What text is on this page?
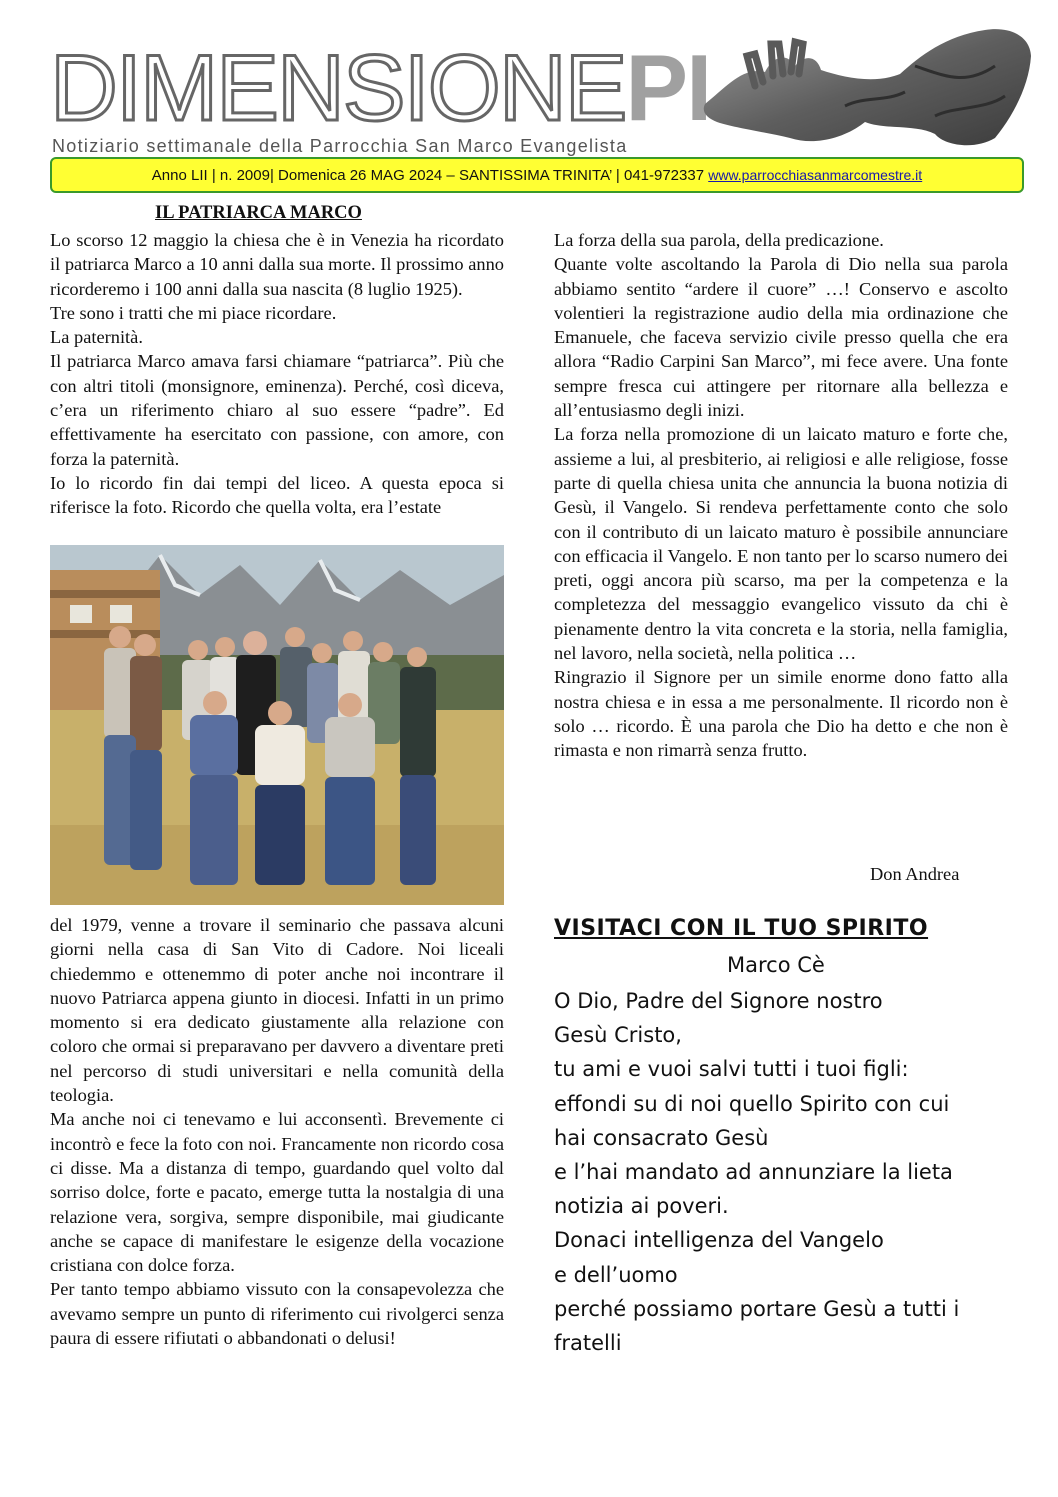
DIMENSIONEPI
Notiziario settimanale della Parrocchia San Marco Evangelista
Anno LII | n. 2009| Domenica 26 MAG 2024 – SANTISSIMA TRINITA’ | 041-972337 www.parrocchiasanmarcomestre.it
IL PATRIARCA MARCO

Lo scorso 12 maggio la chiesa che è in Venezia ha ricordato il patriarca Marco a 10 anni dalla sua morte. Il prossimo anno ricorderemo i 100 anni dalla sua nascita (8 luglio 1925).

Tre sono i tratti che mi piace ricordare.

La paternità.

Il patriarca Marco amava farsi chiamare “patriarca”. Più che con altri titoli (monsignore, eminenza). Perché, così diceva, c’era un riferimento chiaro al suo essere “padre”. Ed effettivamente ha esercitato con passione, con amore, con forza la paternità.

Io lo ricordo fin dai tempi del liceo. A questa epoca si riferisce la foto. Ricordo che quella volta, era l’estate

del 1979, venne a trovare il seminario che passava alcuni giorni nella casa di San Vito di Cadore. Noi liceali chiedemmo e ottenemmo di poter anche noi incontrare il nuovo Patriarca appena giunto in diocesi. Infatti in un primo momento si era dedicato giustamente alla relazione con coloro che ormai si preparavano per davvero a diventare preti nel percorso di studi universitari e nella comunità della teologia.

Ma anche noi ci tenevamo e lui acconsentì. Brevemente ci incontrò e fece la foto con noi. Francamente non ricordo cosa ci disse. Ma a distanza di tempo, guardando quel volto dal sorriso dolce, forte e pacato, emerge tutta la nostalgia di una relazione vera, sorgiva, sempre disponibile, mai giudicante anche se capace di manifestare le esigenze della vocazione cristiana con dolce forza.

Per tanto tempo abbiamo vissuto con la consapevolezza che avevamo sempre un punto di riferimento cui rivolgerci senza paura di essere rifiutati o abbandonati o delusi!

La forza della sua parola, della predicazione.

Quante volte ascoltando la Parola di Dio nella sua parola abbiamo sentito “ardere il cuore” …! Conservo e ascolto volentieri la registrazione audio della mia ordinazione che Emanuele, che faceva servizio civile presso quella che era allora “Radio Carpini San Marco”, mi fece avere. Una fonte sempre fresca cui attingere per ritornare alla bellezza e all’entusiasmo degli inizi.

La forza nella promozione di un laicato maturo e forte che, assieme a lui, al presbiterio, ai religiosi e alle religiose, fosse parte di quella chiesa unita che annuncia la buona notizia di Gesù, il Vangelo. Si rendeva perfettamente conto che solo con il contributo di un laicato maturo è possibile annunciare con efficacia il Vangelo. E non tanto per lo scarso numero dei preti, oggi ancora più scarso, ma per la competenza e la completezza del messaggio evangelico vissuto da chi è pienamente dentro la vita concreta e la storia, nella famiglia, nel lavoro, nella società, nella politica …

Ringrazio il Signore per un simile enorme dono fatto alla nostra chiesa e in essa a me personalmente. Il ricordo non è solo … ricordo. È una parola che Dio ha detto e che non è rimasta e non rimarrà senza frutto.

Don Andrea
VISITACI CON IL TUO SPIRITO
Marco Cè
O Dio, Padre del Signore nostro
Gesù Cristo,
tu ami e vuoi salvi tutti i tuoi figli:
effondi su di noi quello Spirito con cui
hai consacrato Gesù
e l’hai mandato ad annunziare la lieta
notizia ai poveri.
Donaci intelligenza del Vangelo
e dell’uomo
perché possiamo portare Gesù a tutti i
fratelli
